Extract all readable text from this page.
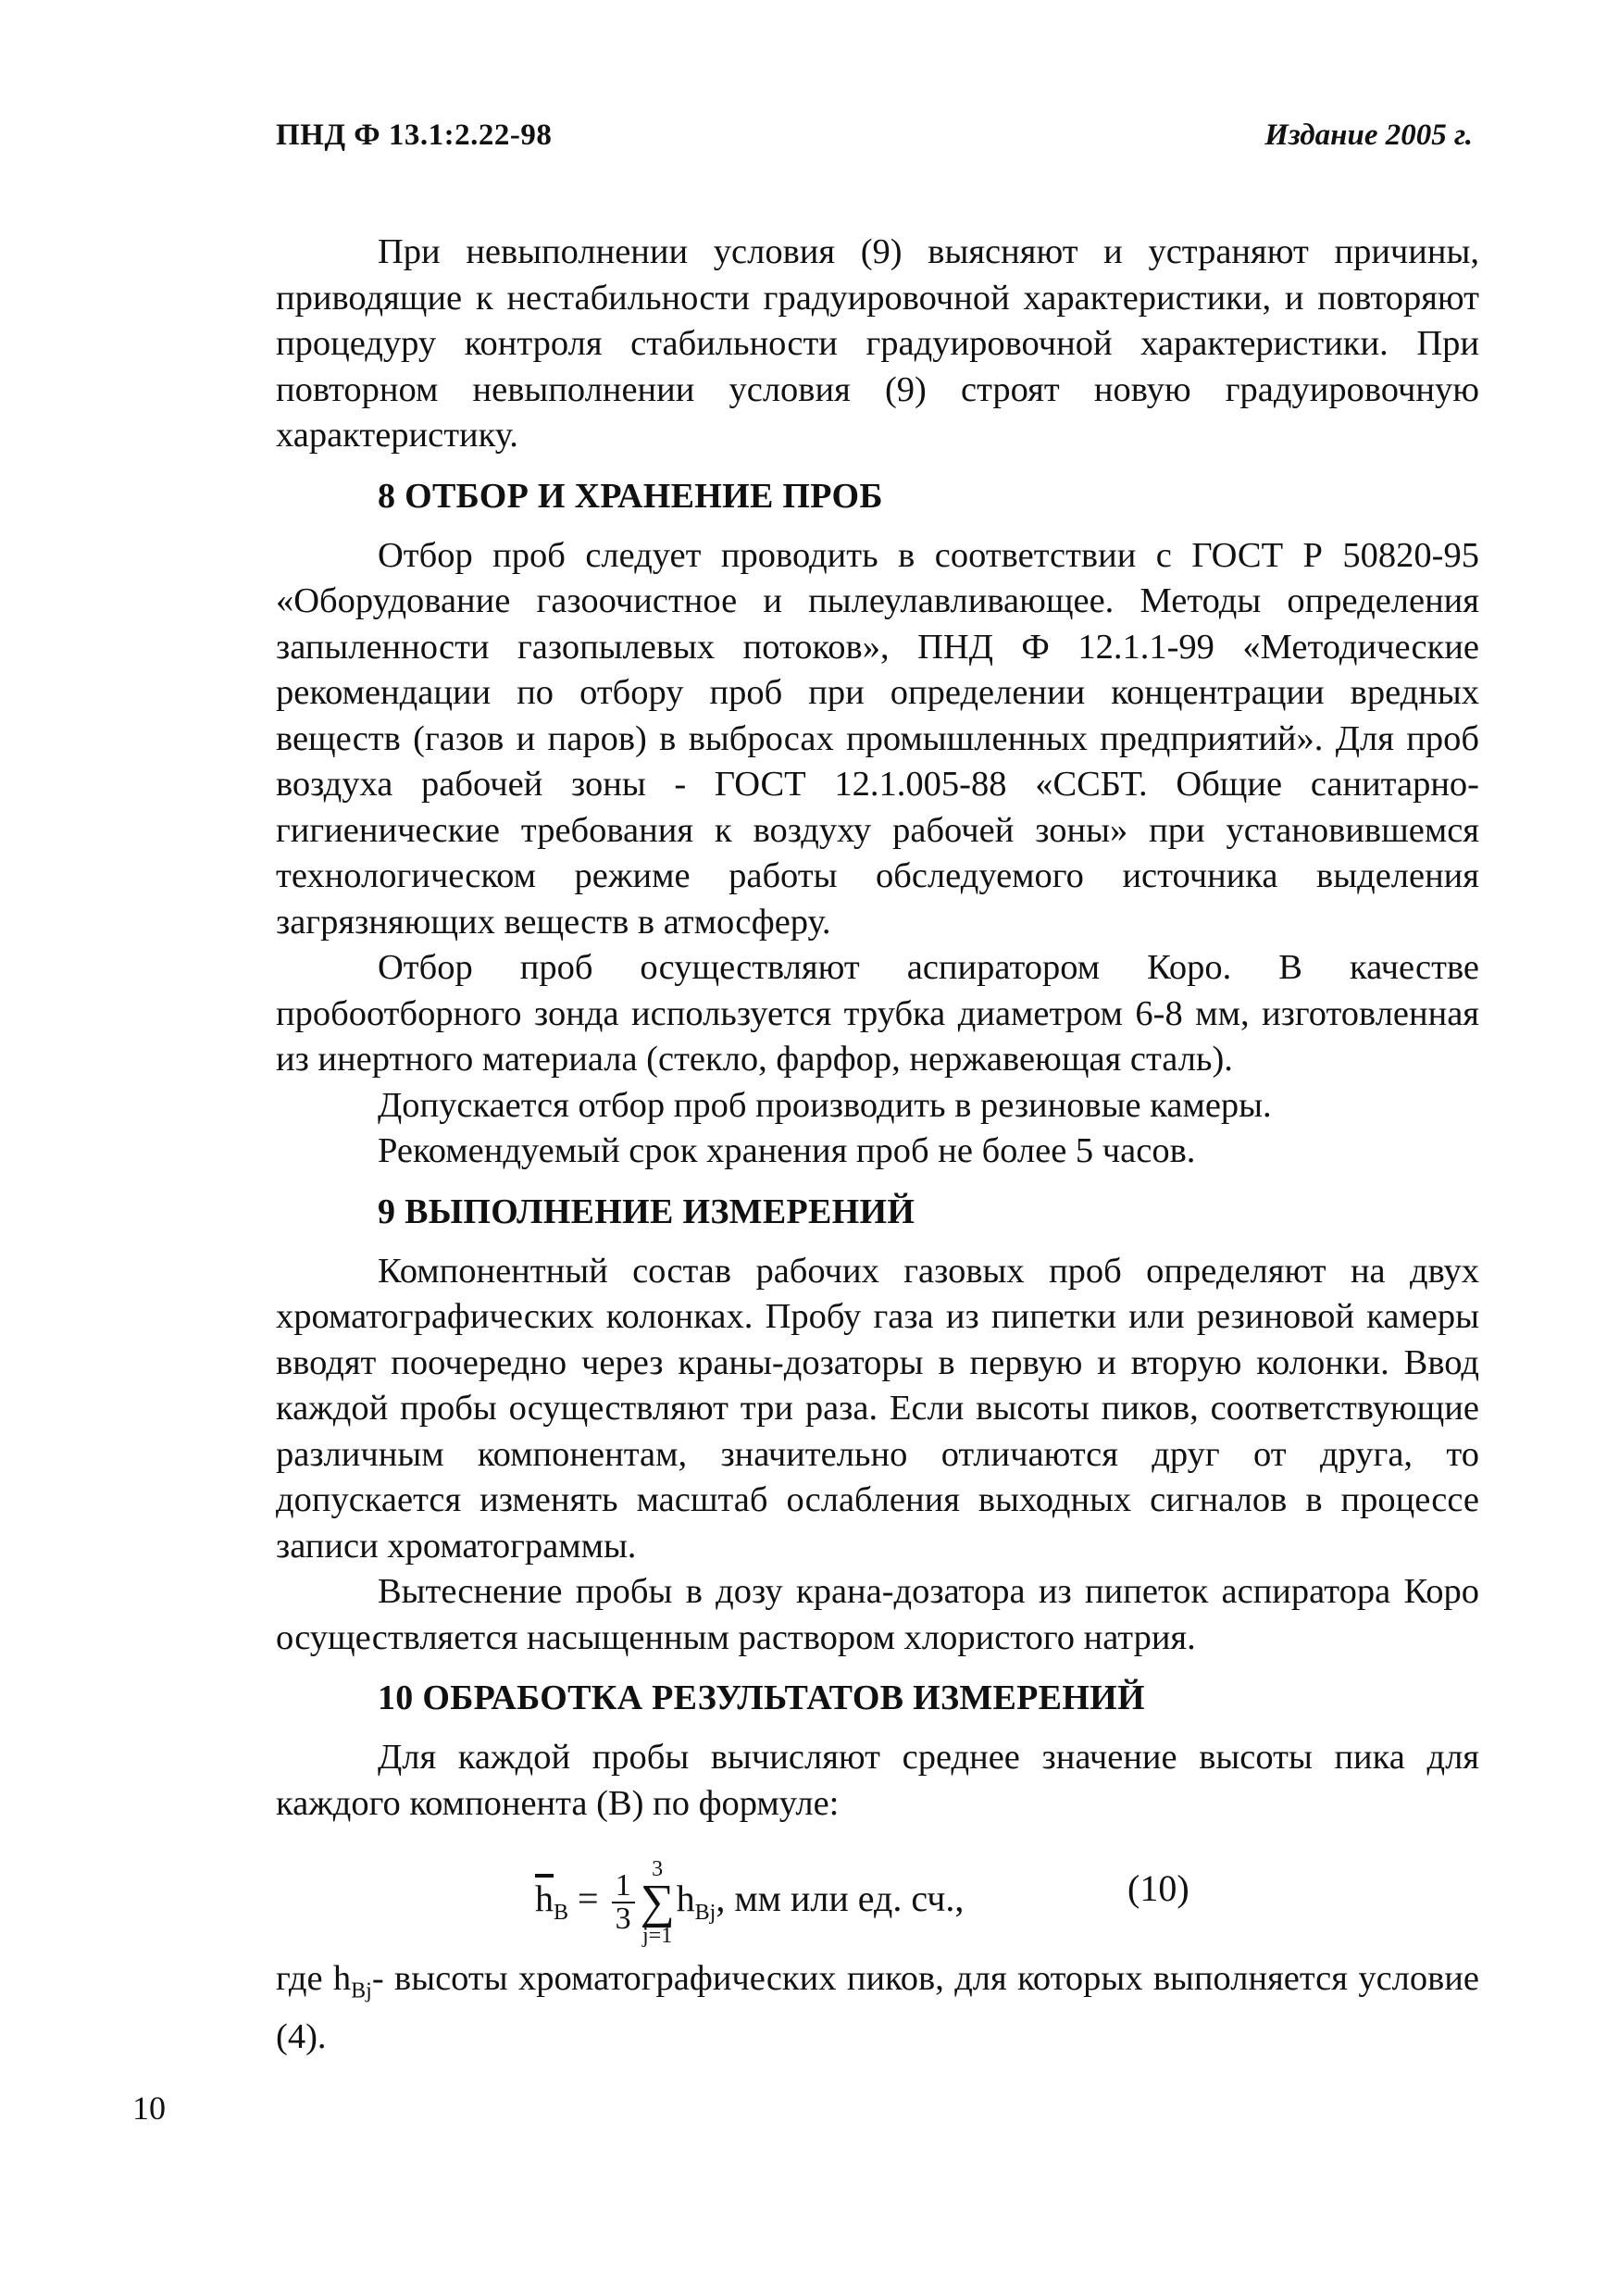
ПНД Ф 13.1:2.22-98	Издание 2005 г.

При невыполнении условия (9) выясняют и устраняют причины, приводящие к нестабильности градуировочной характеристики, и повторяют процедуру контроля стабильности градуировочной характеристики. При повторном невыполнении условия (9) строят новую градуировочную характеристику.

8 ОТБОР И ХРАНЕНИЕ ПРОБ

Отбор проб следует проводить в соответствии с ГОСТ Р 50820-95 «Оборудование газоочистное и пылеулавливающее. Методы определения запыленности газопылевых потоков», ПНД Ф 12.1.1-99 «Методические рекомендации по отбору проб при определении концентрации вредных веществ (газов и паров) в выбросах промышленных предприятий». Для проб воздуха рабочей зоны - ГОСТ 12.1.005-88 «ССБТ. Общие санитарно-гигиенические требования к воздуху рабочей зоны» при установившемся технологическом режиме работы обследуемого источника выделения загрязняющих веществ в атмосферу.

Отбор проб осуществляют аспиратором Коро. В качестве пробоотборного зонда используется трубка диаметром 6-8 мм, изготовленная из инертного материала (стекло, фарфор, нержавеющая сталь).

Допускается отбор проб производить в резиновые камеры.

Рекомендуемый срок хранения проб не более 5 часов.

9 ВЫПОЛНЕНИЕ ИЗМЕРЕНИЙ

Компонентный состав рабочих газовых проб определяют на двух хроматографических колонках. Пробу газа из пипетки или резиновой камеры вводят поочередно через краны-дозаторы в первую и вторую колонки. Ввод каждой пробы осуществляют три раза. Если высоты пиков, соответствующие различным компонентам, значительно отличаются друг от друга, то допускается изменять масштаб ослабления выходных сигналов в процессе записи хроматограммы.

Вытеснение пробы в дозу крана-дозатора из пипеток аспиратора Коро осуществляется насыщенным раствором хлористого натрия.

10 ОБРАБОТКА РЕЗУЛЬТАТОВ ИЗМЕРЕНИЙ

Для каждой пробы вычисляют среднее значение высоты пика для каждого компонента (B) по формуле:

$\overline{h}_B = \frac{1}{3}$
3
∑
$j=1h_{Bj}$, мм или ед. сч.,	(10)

где $h_{Bj}-$ высоты хроматографических пиков, для которых выполняется условие (4).

10
